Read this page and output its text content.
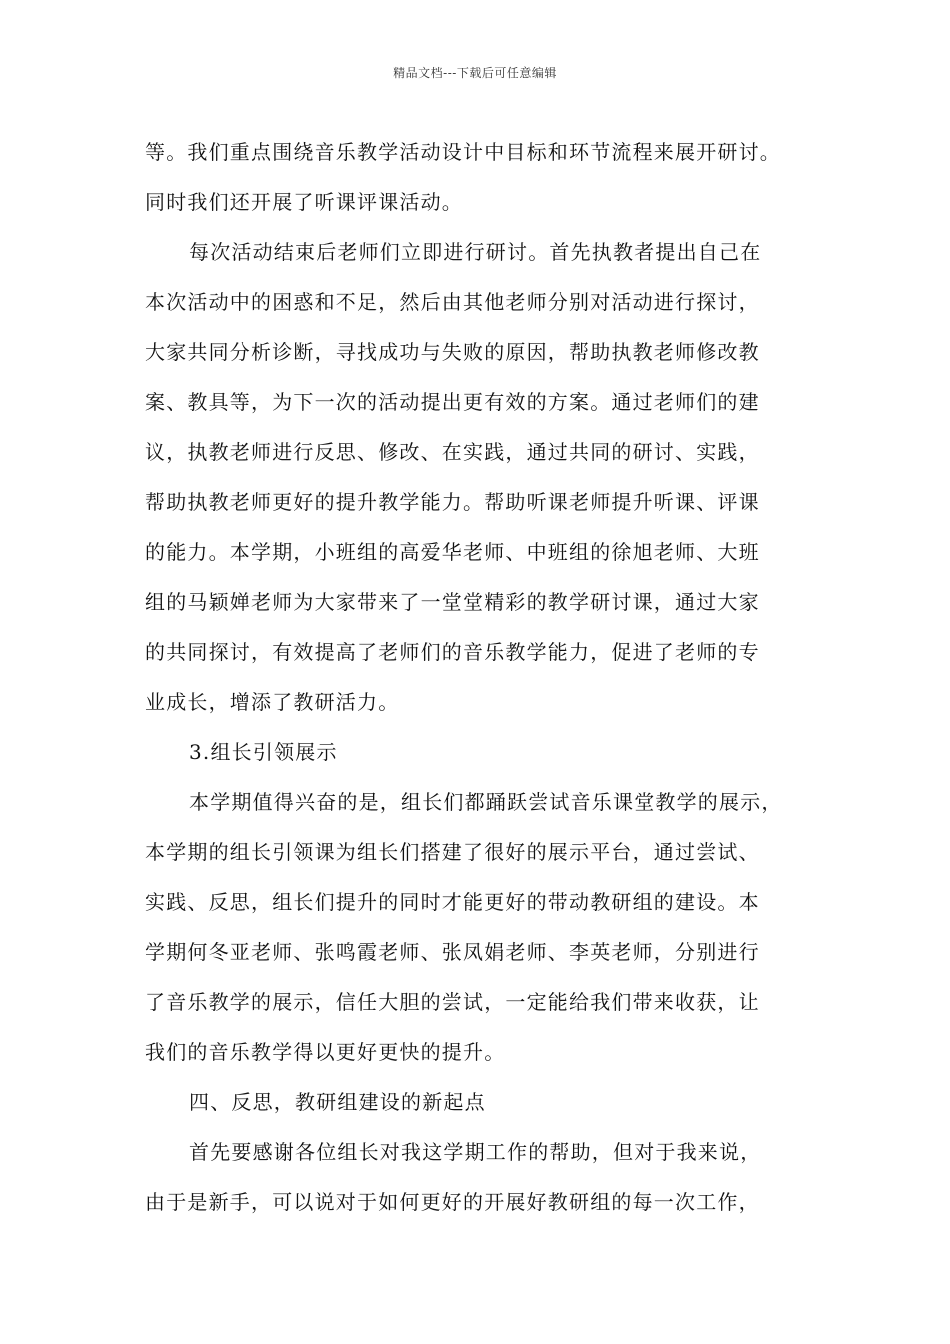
精品文档---下载后可任意编辑
等。我们重点围绕音乐教学活动设计中目标和环节流程来展开研讨。
同时我们还开展了听课评课活动。
每次活动结束后老师们立即进行研讨。首先执教者提出自己在
本次活动中的困惑和不足，然后由其他老师分别对活动进行探讨，
大家共同分析诊断，寻找成功与失败的原因，帮助执教老师修改教
案、教具等，为下一次的活动提出更有效的方案。通过老师们的建
议，执教老师进行反思、修改、在实践，通过共同的研讨、实践，
帮助执教老师更好的提升教学能力。帮助听课老师提升听课、评课
的能力。本学期，小班组的高爱华老师、中班组的徐旭老师、大班
组的马颖婵老师为大家带来了一堂堂精彩的教学研讨课，通过大家
的共同探讨，有效提高了老师们的音乐教学能力，促进了老师的专
业成长，增添了教研活力。
3.组长引领展示
本学期值得兴奋的是，组长们都踊跃尝试音乐课堂教学的展示，
本学期的组长引领课为组长们搭建了很好的展示平台，通过尝试、
实践、反思，组长们提升的同时才能更好的带动教研组的建设。本
学期何冬亚老师、张鸣霞老师、张凤娟老师、李英老师，分别进行
了音乐教学的展示，信任大胆的尝试，一定能给我们带来收获，让
我们的音乐教学得以更好更快的提升。
四、反思，教研组建设的新起点
首先要感谢各位组长对我这学期工作的帮助，但对于我来说，
由于是新手，可以说对于如何更好的开展好教研组的每一次工作，
